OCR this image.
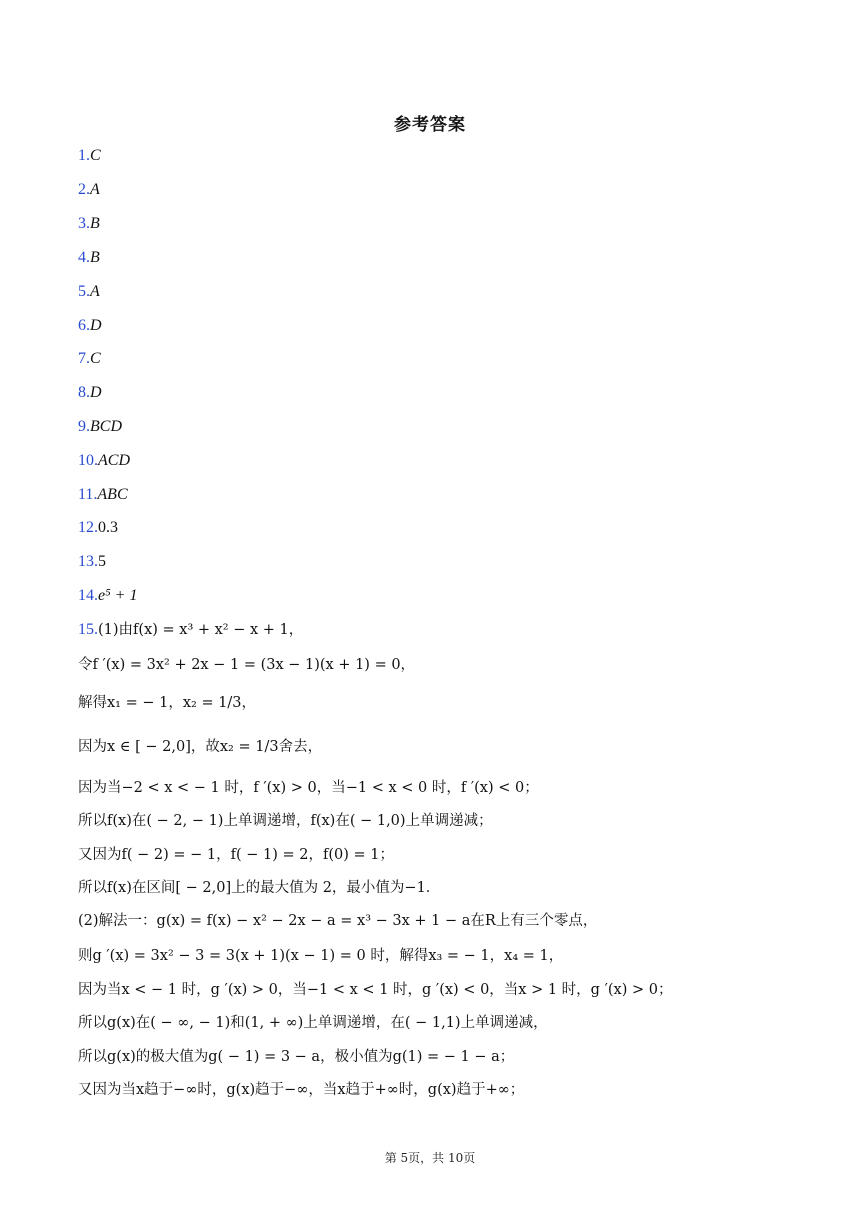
参考答案
1.C
2.A
3.B
4.B
5.A
6.D
7.C
8.D
9.BCD
10.ACD
11.ABC
12.0.3
13.5
14.e⁵ + 1
15.(1)由f(x) = x³ + x² − x + 1，
令f ′(x) = 3x² + 2x − 1 = (3x − 1)(x + 1) = 0，
解得x₁ = − 1，x₂ = 1/3，
因为x ∈ [ − 2,0]，故x₂ = 1/3舍去，
因为当−2 < x < − 1 时，f ′(x) > 0，当−1 < x < 0 时，f ′(x) < 0；
所以f(x)在( − 2, − 1)上单调递增，f(x)在( − 1,0)上单调递减；
又因为f( − 2) = − 1，f( − 1) = 2，f(0) = 1；
所以f(x)在区间[ − 2,0]上的最大值为 2，最小值为−1．
(2)解法一：g(x) = f(x) − x² − 2x − a = x³ − 3x + 1 − a在R上有三个零点，
则g ′(x) = 3x² − 3 = 3(x + 1)(x − 1) = 0 时，解得x₃ = − 1，x₄ = 1，
因为当x < − 1 时，g ′(x) > 0，当−1 < x < 1 时，g ′(x) < 0，当x > 1 时，g ′(x) > 0；
所以g(x)在( − ∞, − 1)和(1, + ∞)上单调递增，在( − 1,1)上单调递减，
所以g(x)的极大值为g( − 1) = 3 − a，极小值为g(1) = − 1 − a；
又因为当x趋于−∞时，g(x)趋于−∞，当x趋于+∞时，g(x)趋于+∞；
第 5页，共 10页
